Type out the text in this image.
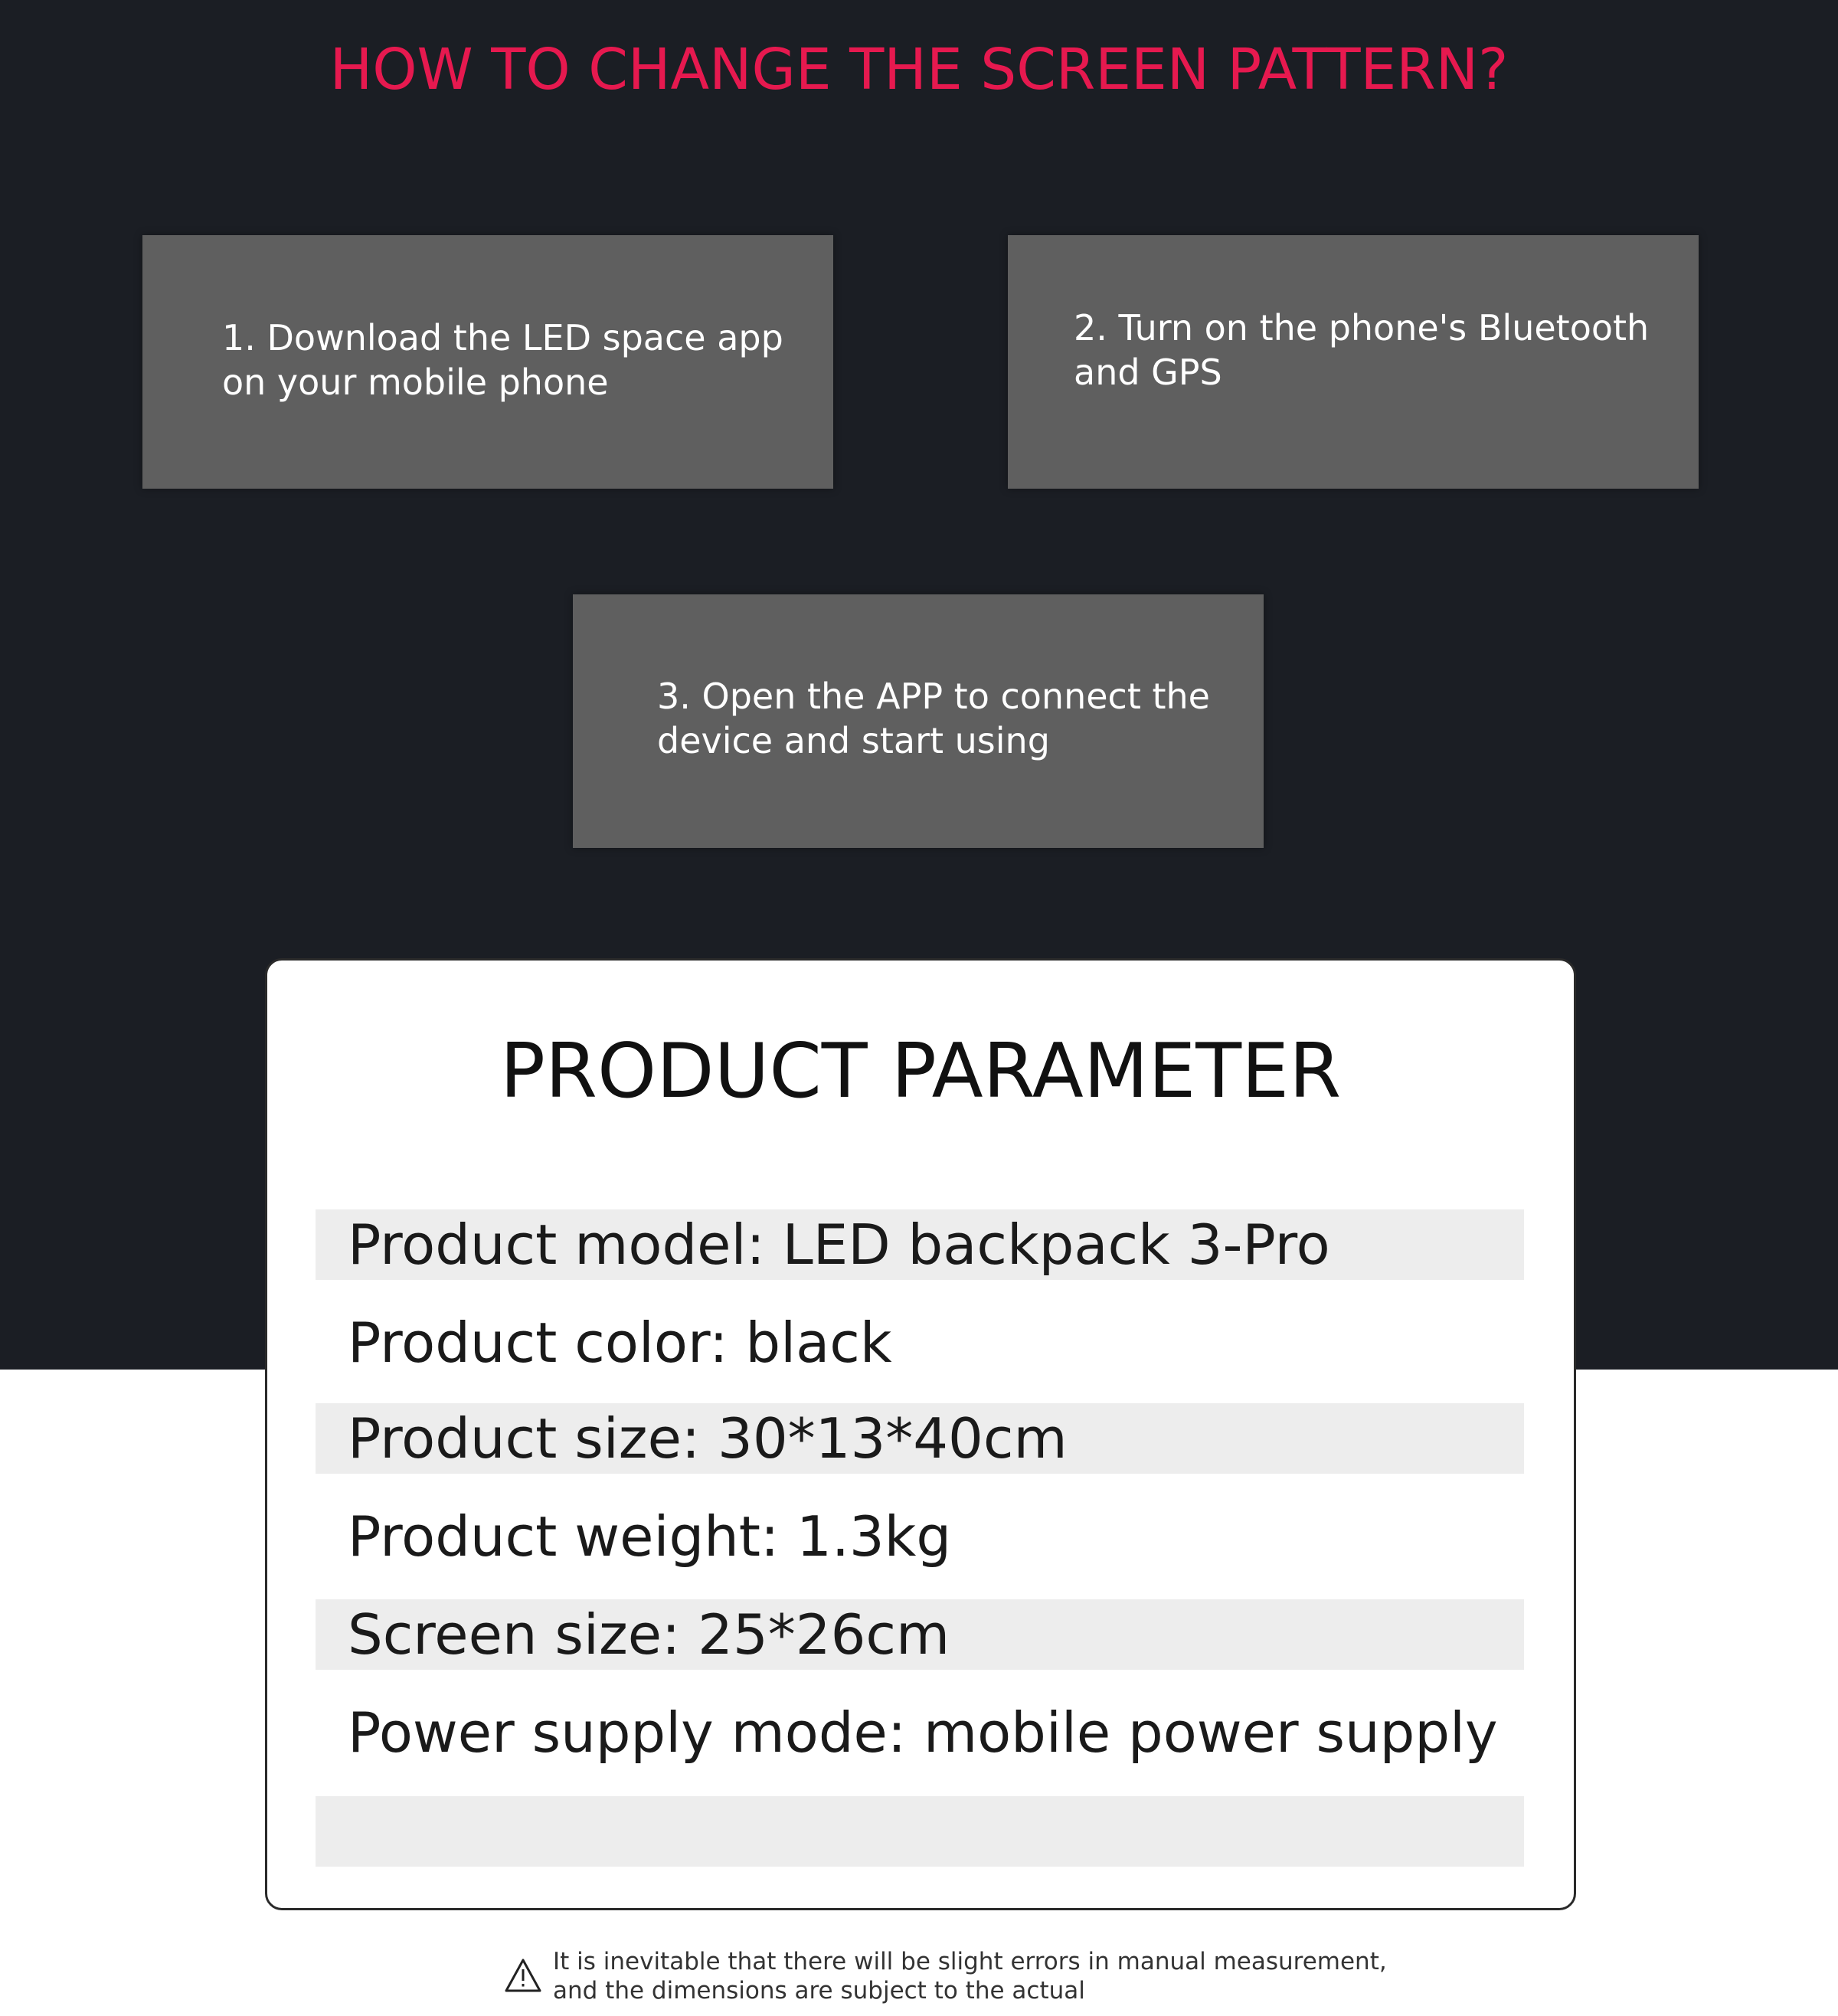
HOW TO CHANGE THE SCREEN PATTERN?
1. Download the LED space app
on your mobile phone
2. Turn on the phone's Bluetooth
and GPS
3. Open the APP to connect the
device and start using
PRODUCT PARAMETER
Product model: LED backpack 3-Pro
Product color: black
Product size: 30*13*40cm
Product weight: 1.3kg
Screen size: 25*26cm
Power supply mode: mobile power supply
It is inevitable that there will be slight errors in manual measurement,
and the dimensions are subject to the actual
